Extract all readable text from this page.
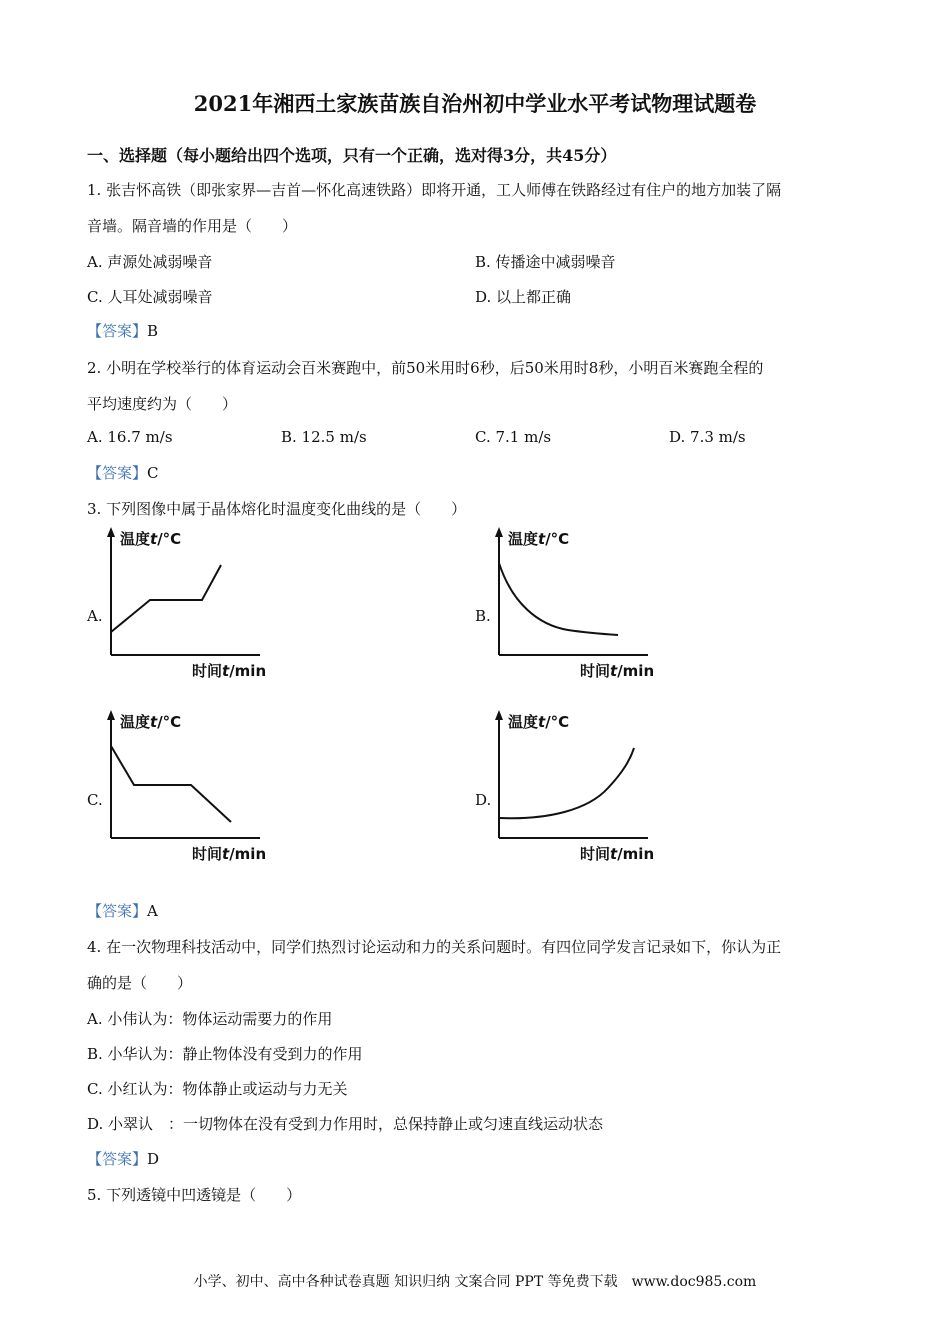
2021年湘西土家族苗族自治州初中学业水平考试物理试题卷
一、选择题（每小题给出四个选项，只有一个正确，选对得3分，共45分）
1. 张吉怀高铁（即张家界—吉首—怀化高速铁路）即将开通，工人师傅在铁路经过有住户的地方加装了隔
音墙。隔音墙的作用是（　　）
A. 声源处减弱噪音	B. 传播途中减弱噪音
C. 人耳处减弱噪音	D. 以上都正确
【答案】B
2. 小明在学校举行的体育运动会百米赛跑中，前50米用时6秒，后50米用时8秒，小明百米赛跑全程的
平均速度约为（　　）
A. 16.7 m/s	B. 12.5 m/s	C. 7.1 m/s	D. 7.3 m/s
【答案】C
3. 下列图像中属于晶体熔化时温度变化曲线的是（　　）
A.	B.
C.	D.
温度t/°C
时间t/min
温度t/°C
时间t/min
温度t/°C
时间t/min
温度t/°C
时间t/min
【答案】A
4. 在一次物理科技活动中，同学们热烈讨论运动和力的关系问题时。有四位同学发言记录如下，你认为正
确的是（　　）
A. 小伟认为：物体运动需要力的作用
B. 小华认为：静止物体没有受到力的作用
C. 小红认为：物体静止或运动与力无关
D. 小翠认　：一切物体在没有受到力作用时，总保持静止或匀速直线运动状态
【答案】D
5. 下列透镜中凹透镜是（　　）
小学、初中、高中各种试卷真题 知识归纳 文案合同 PPT 等免费下载　www.doc985.com
